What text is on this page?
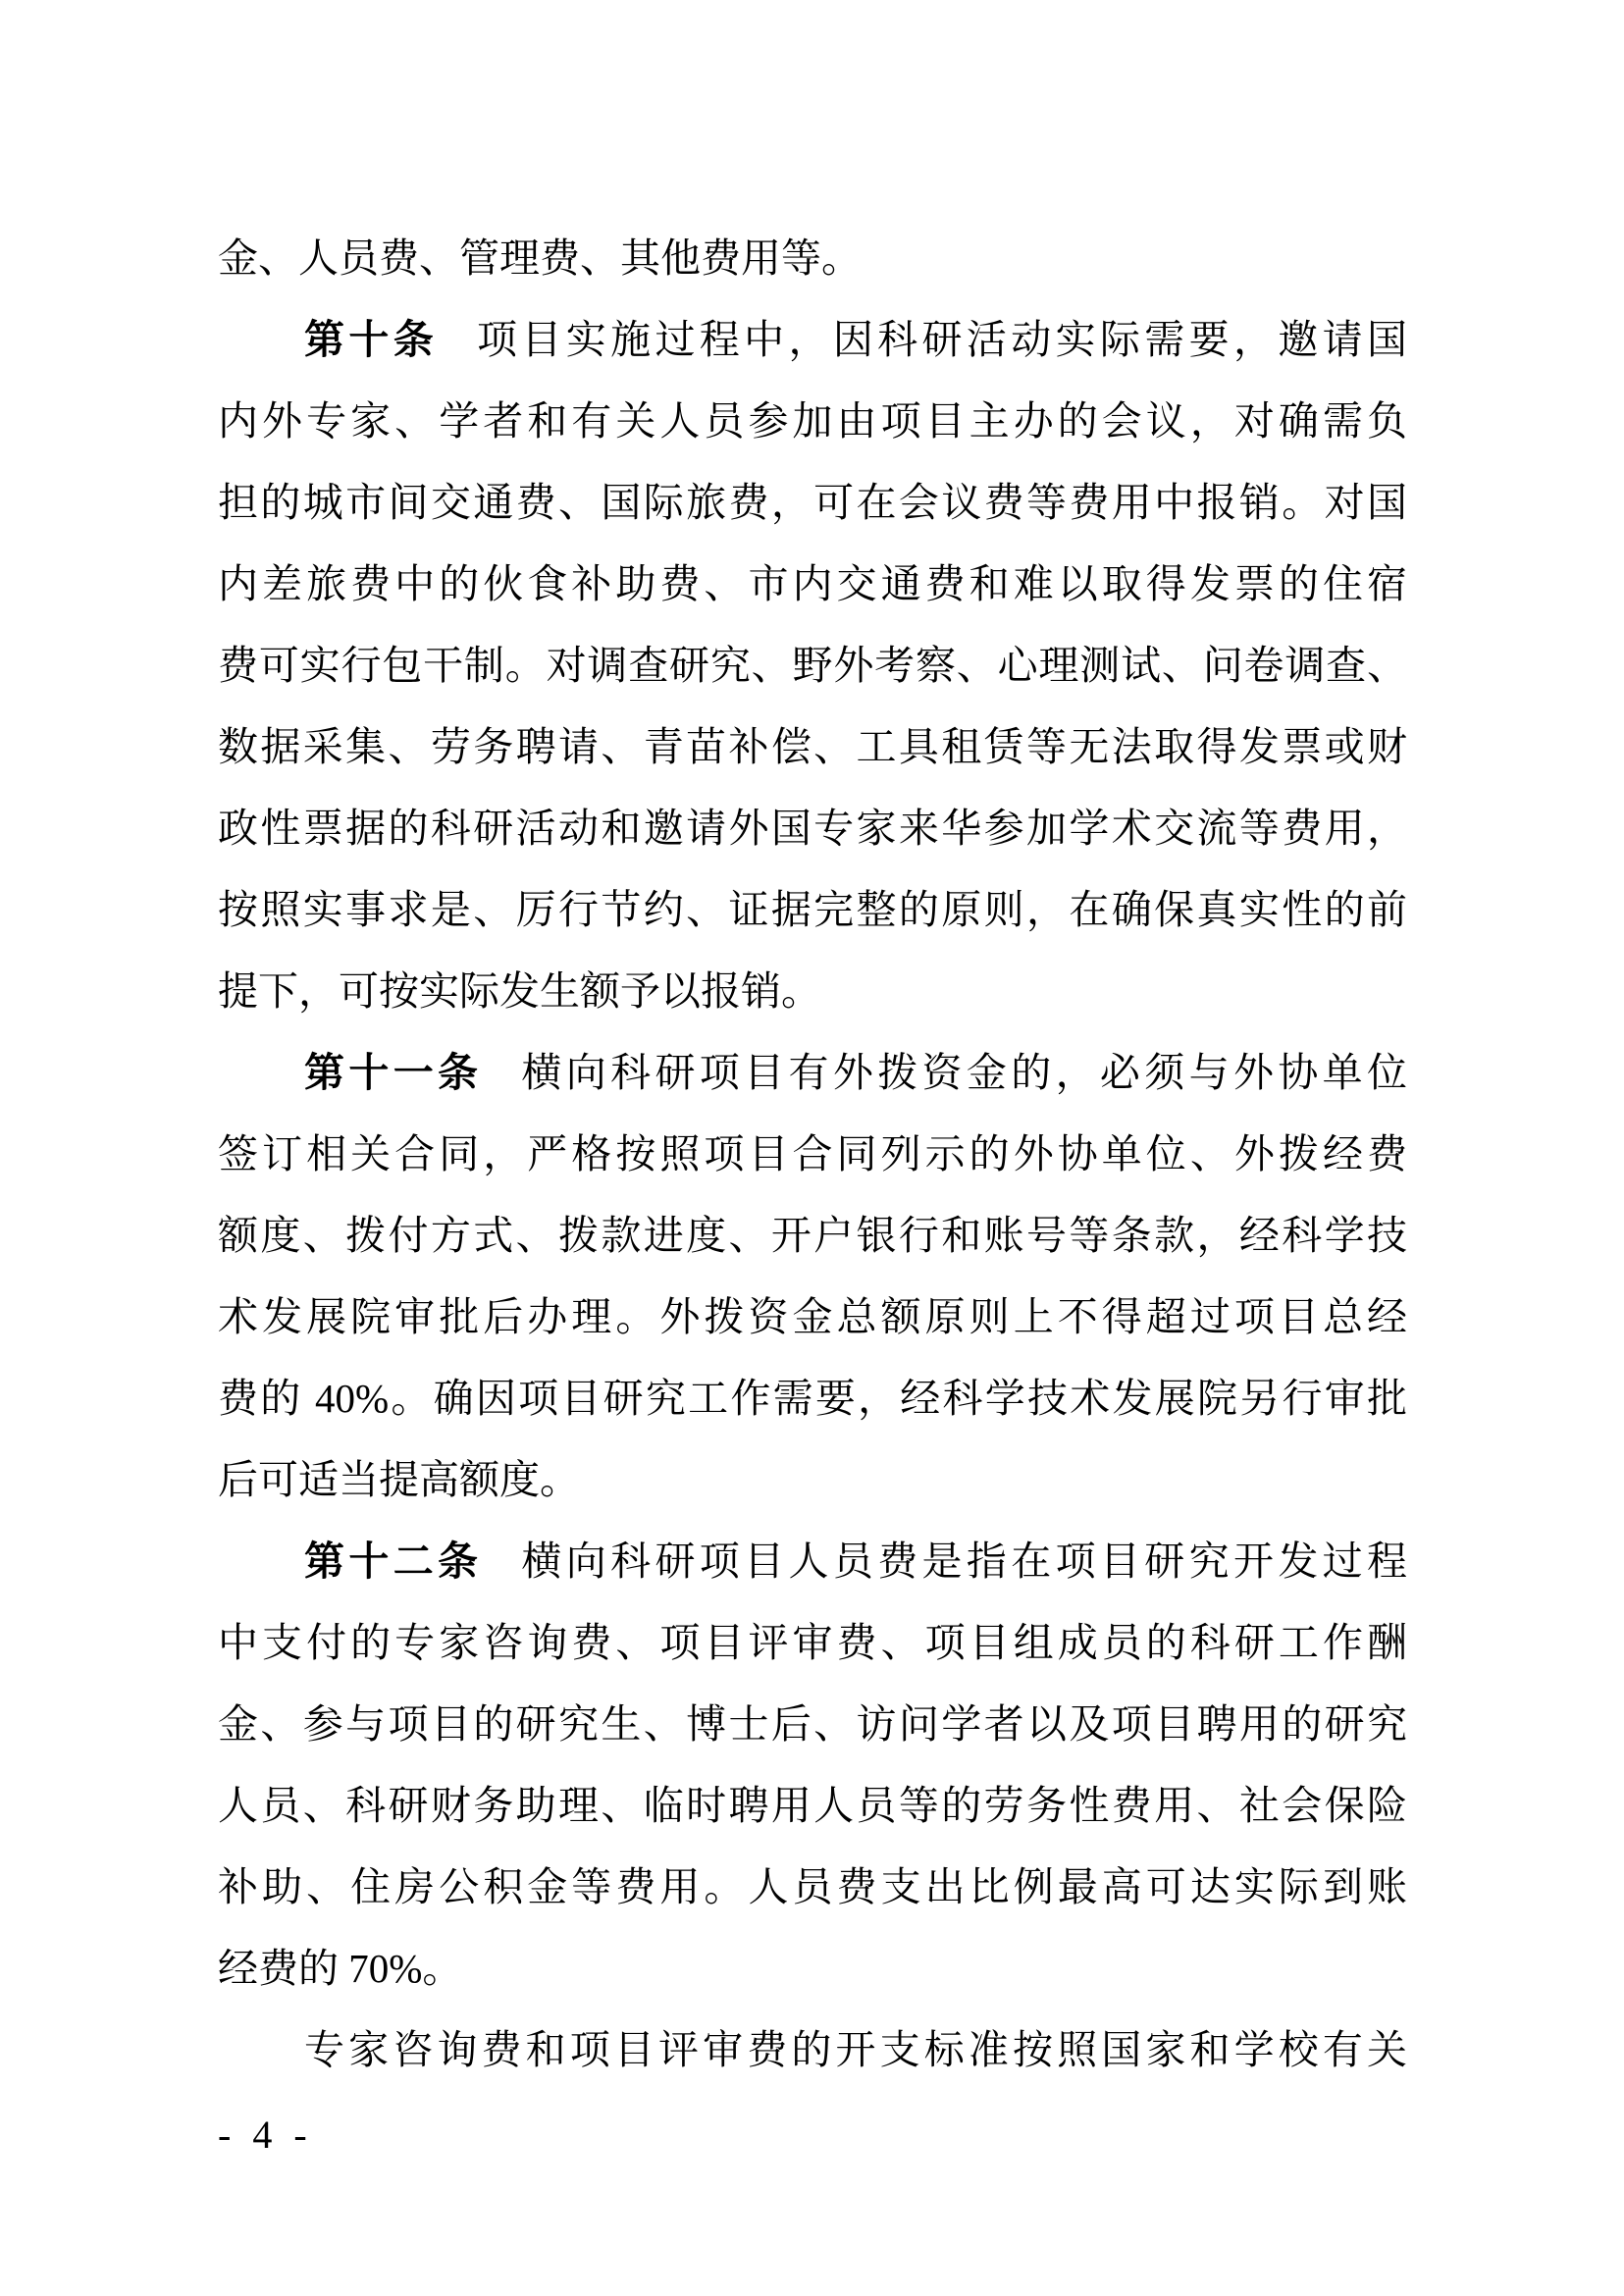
金、人员费、管理费、其他费用等。
第十条 项目实施过程中，因科研活动实际需要，邀请国
内外专家、学者和有关人员参加由项目主办的会议，对确需负
担的城市间交通费、国际旅费，可在会议费等费用中报销。对国
内差旅费中的伙食补助费、市内交通费和难以取得发票的住宿
费可实行包干制。对调查研究、野外考察、心理测试、问卷调查、
数据采集、劳务聘请、青苗补偿、工具租赁等无法取得发票或财
政性票据的科研活动和邀请外国专家来华参加学术交流等费用，
按照实事求是、厉行节约、证据完整的原则，在确保真实性的前
提下，可按实际发生额予以报销。
第十一条 横向科研项目有外拨资金的，必须与外协单位
签订相关合同，严格按照项目合同列示的外协单位、外拨经费
额度、拨付方式、拨款进度、开户银行和账号等条款，经科学技
术发展院审批后办理。外拨资金总额原则上不得超过项目总经
费的 40%。确因项目研究工作需要，经科学技术发展院另行审批
后可适当提高额度。
第十二条 横向科研项目人员费是指在项目研究开发过程
中支付的专家咨询费、项目评审费、项目组成员的科研工作酬
金、参与项目的研究生、博士后、访问学者以及项目聘用的研究
人员、科研财务助理、临时聘用人员等的劳务性费用、社会保险
补助、住房公积金等费用。人员费支出比例最高可达实际到账
经费的 70%。
专家咨询费和项目评审费的开支标准按照国家和学校有关
- 4 -
